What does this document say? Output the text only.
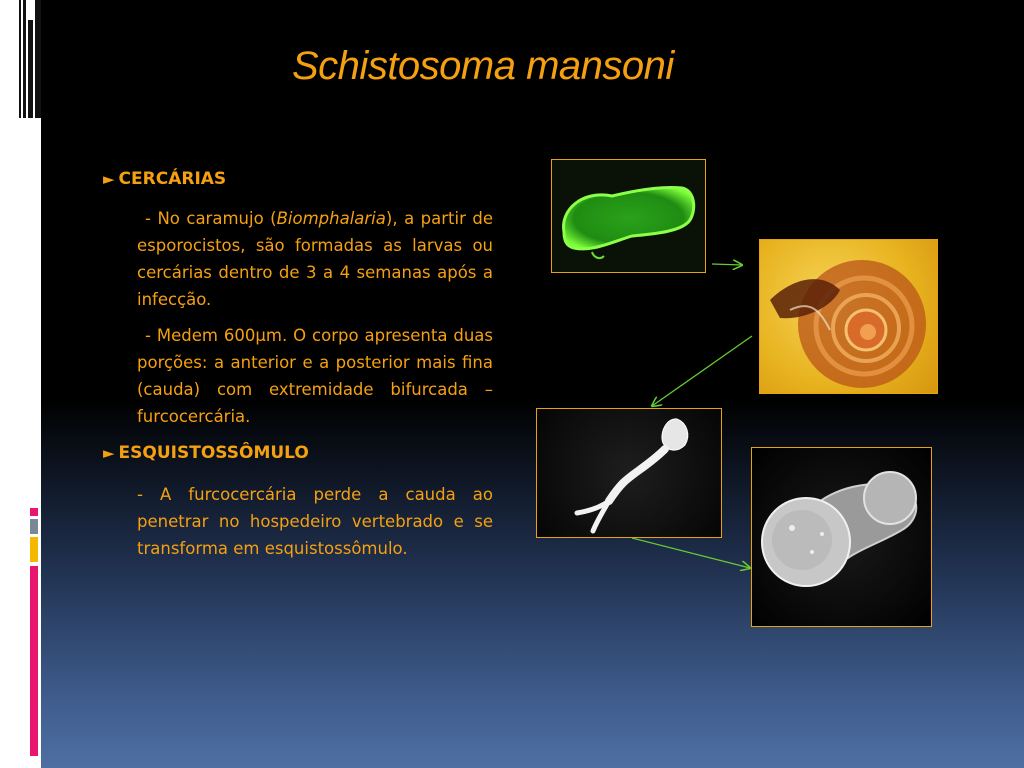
Schistosoma mansoni
► CERCÁRIAS
- No caramujo (Biomphalaria), a partir de esporocistos, são formadas as larvas ou cercárias dentro de 3 a 4 semanas após a infecção.
- Medem 600μm. O corpo apresenta duas porções: a anterior e a posterior mais fina (cauda) com extremidade bifurcada – furcocercária.
► ESQUISTOSSÔMULO
- A furcocercária perde a cauda ao penetrar no hospedeiro vertebrado e se transforma em esquistossômulo.
